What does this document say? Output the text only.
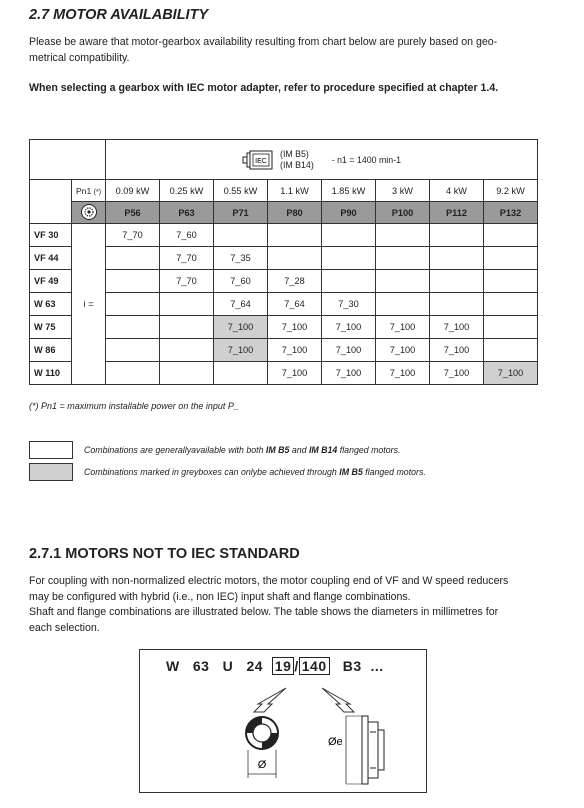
2.7 MOTOR AVAILABILITY
Please be aware that motor-gearbox availability resulting from chart below are purely based on geo-
metrical compatibility.
When selecting a gearbox with IEC motor adapter, refer to procedure specified at chapter 1.4.

IEC
(IM B5)
(IM B14) - n1 = 1400 min-1							

	Pn1 (*)	0.09 kW	0.25 kW	0.55 kW	1.1 kW	1.85 kW	3 kW	4 kW	9.2 kW
		P56	P63	P71	P80	P90	P100	P112	P132
VF 30	i =	7_70	7_60						
VF 44			7_70	7_35					
VF 49			7_70	7_60	7_28				
W 63				7_64	7_64	7_30			
W 75				7_100	7_100	7_100	7_100	7_100	
W 86				7_100	7_100	7_100	7_100	7_100	
W 110					7_100	7_100	7_100	7_100	7_100
(*) Pn1 = maximum installable power on the input P_
Combinations are generallyavailable with both IM B5 and IM B14 flanged motors.
Combinations marked in greyboxes can onlybe achieved through IM B5 flanged motors.
2.7.1 MOTORS NOT TO IEC STANDARD
For coupling with non-normalized electric motors, the motor coupling end of VF and W speed reducers
may be configured with hybrid (i.e., non IEC) input shaft and flange combinations.
Shaft and flange combinations are illustrated below. The table shows the diameters in millimetres for
each selection.
W 63 U 24 19 / 140 B3 ...
Ø
Øe
